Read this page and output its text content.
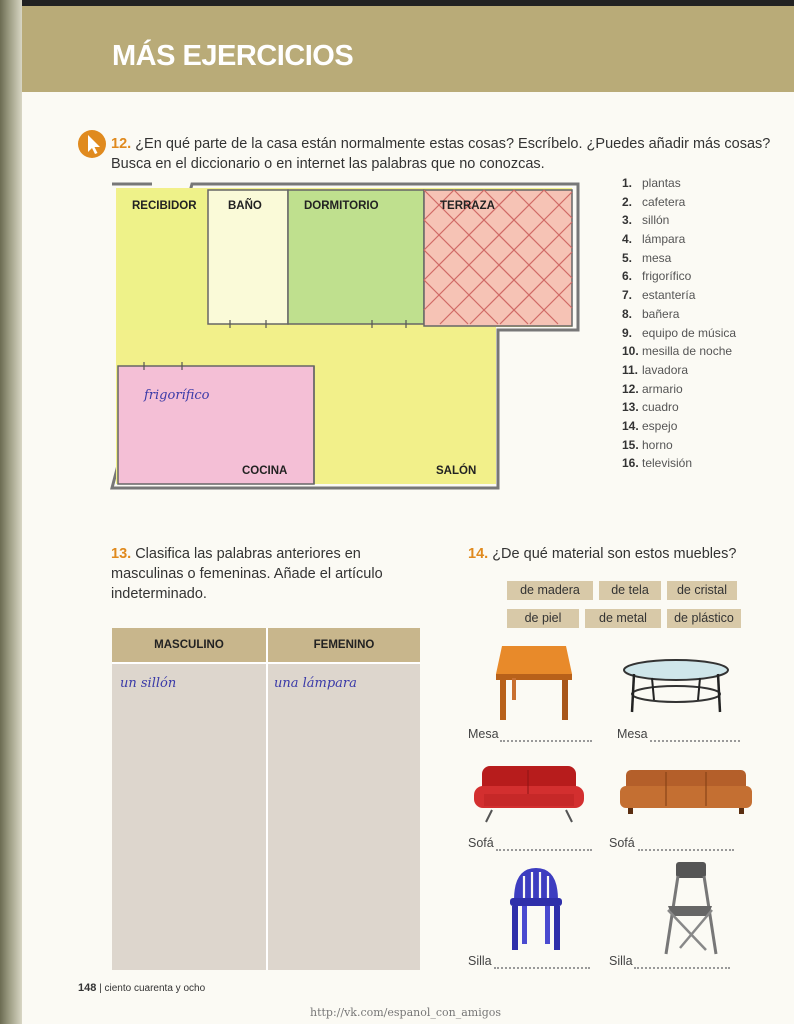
MÁS EJERCICIOS
12. ¿En qué parte de la casa están normalmente estas cosas? Escríbelo. ¿Puedes añadir más cosas?
Busca en el diccionario o en internet las palabras que no conozcas.
RECIBIDOR	BAÑO	DORMITORIO	TERRAZA
COCINA	SALÓN
frigorífico
1. plantas
2. cafetera
3. sillón
4. lámpara
5. mesa
6. frigorífico
7. estantería
8. bañera
9. equipo de música
10. mesilla de noche
11. lavadora
12. armario
13. cuadro
14. espejo
15. horno
16. televisión
13. Clasifica las palabras anteriores en
masculinas o femeninas. Añade el artículo
indeterminado.
MASCULINO	FEMENINO
un sillón	una lámpara
14. ¿De qué material son estos muebles?
de madera	de tela	de cristal
de piel	de metal	de plástico
Mesa	Mesa
Sofá	Sofá
Silla	Silla
148 | ciento cuarenta y ocho
http://vk.com/espanol_con_amigos
